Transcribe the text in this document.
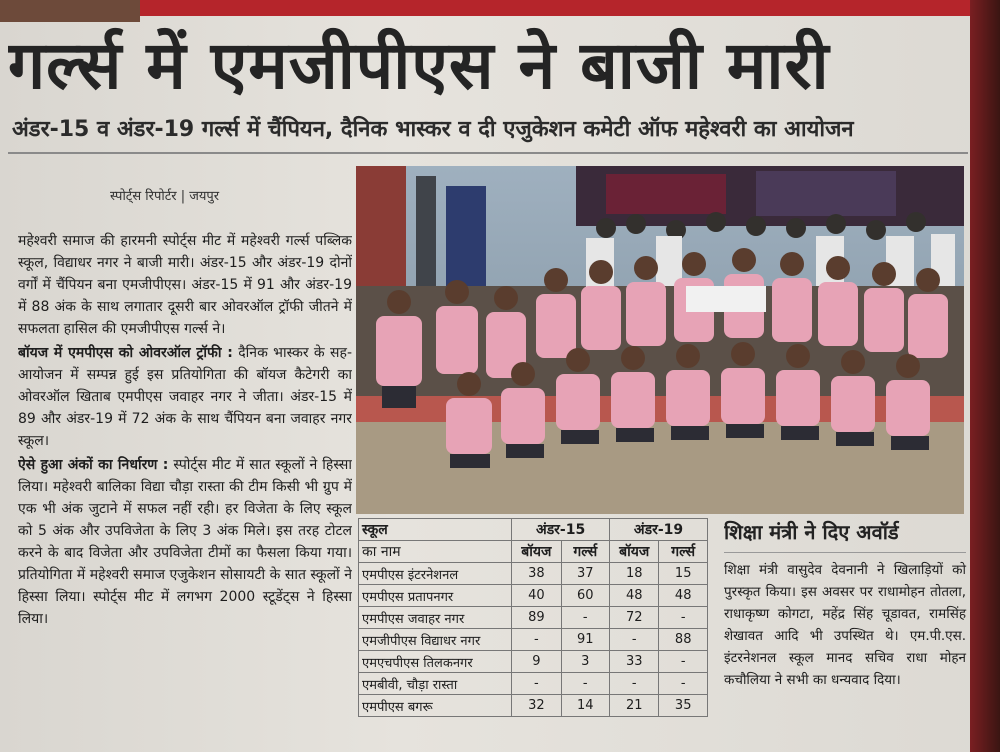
गर्ल्स में एमजीपीएस ने बाजी मारी
अंडर-15 व अंडर-19 गर्ल्स में चैंपियन, दैनिक भास्कर व दी एजुकेशन कमेटी ऑफ महेश्वरी का आयोजन
स्पोर्ट्स रिपोर्टर | जयपुर

महेश्वरी समाज की हारमनी स्पोर्ट्स मीट में महेश्वरी गर्ल्स पब्लिक स्कूल, विद्याधर नगर ने बाजी मारी। अंडर-15 और अंडर-19 दोनों वर्गों में चैंपियन बना एमजीपीएस। अंडर-15 में 91 और अंडर-19 में 88 अंक के साथ लगातार दूसरी बार ओवरऑल ट्रॉफी जीतने में सफलता हासिल की एमजीपीएस गर्ल्स ने।

बॉयज में एमपीएस को ओवरऑल ट्रॉफी : दैनिक भास्कर के सह-आयोजन में सम्पन्न हुई इस प्रतियोगिता की बॉयज कैटेगरी का ओवरऑल खिताब एमपीएस जवाहर नगर ने जीता। अंडर-15 में 89 और अंडर-19 में 72 अंक के साथ चैंपियन बना जवाहर नगर स्कूल।

ऐसे हुआ अंकों का निर्धारण : स्पोर्ट्स मीट में सात स्कूलों ने हिस्सा लिया। महेश्वरी बालिका विद्या चौड़ा रास्ता की टीम किसी भी ग्रुप में एक भी अंक जुटाने में सफल नहीं रही। हर विजेता के लिए स्कूल को 5 अंक और उपविजेता के लिए 3 अंक मिले। इस तरह टोटल करने के बाद विजेता और उपविजेता टीमों का फैसला किया गया। प्रतियोगिता में महेश्वरी समाज एजुकेशन सोसायटी के सात स्कूलों ने हिस्सा लिया। स्पोर्ट्स मीट में लगभग 2000 स्टूडेंट्स ने हिस्सा लिया।

स्कूल	अंडर-15		अंडर-19	
का नाम	बॉयज	गर्ल्स	बॉयज	गर्ल्स
एमपीएस इंटरनेशनल	38	37	18	15
एमपीएस प्रतापनगर	40	60	48	48
एमपीएस जवाहर नगर	89	-	72	-
एमजीपीएस विद्याधर नगर	-	91	-	88
एमएचपीएस तिलकनगर	9	3	33	-
एमबीवी, चौड़ा रास्ता	-	-	-	-
एमपीएस बगरू	32	14	21	35
शिक्षा मंत्री ने दिए अवॉर्ड

शिक्षा मंत्री वासुदेव देवनानी ने खिलाड़ियों को पुरस्कृत किया। इस अवसर पर राधामोहन तोतला, राधाकृष्ण कोगटा, महेंद्र सिंह चूडावत, रामसिंह शेखावत आदि भी उपस्थित थे। एम.पी.एस. इंटरनेशनल स्कूल मानद सचिव राधा मोहन कचौलिया ने सभी का धन्यवाद दिया।
